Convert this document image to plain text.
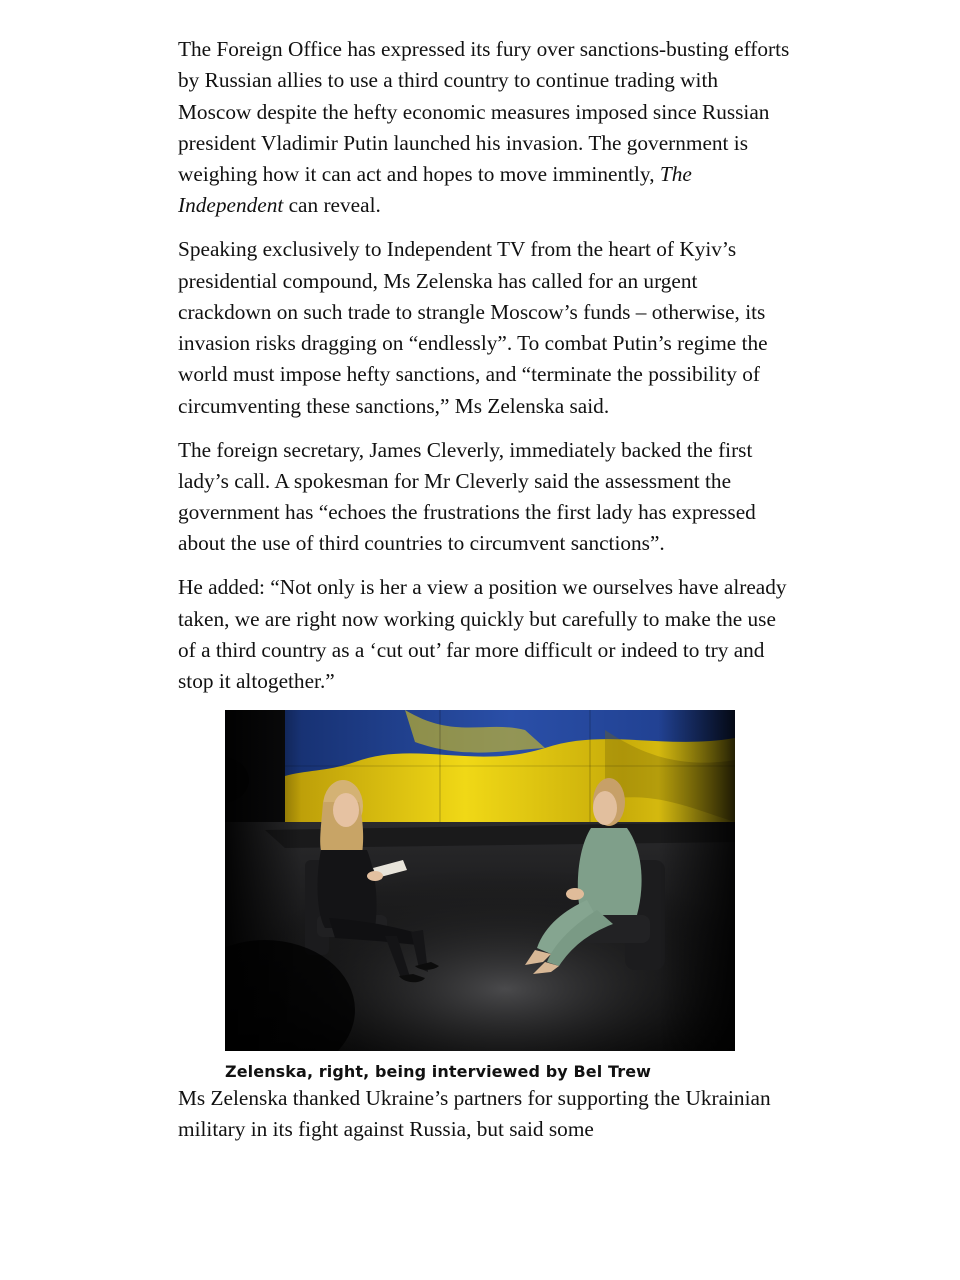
The Foreign Office has expressed its fury over sanctions-busting efforts by Russian allies to use a third country to continue trading with Moscow despite the hefty economic measures imposed since Russian president Vladimir Putin launched his invasion. The government is weighing how it can act and hopes to move imminently, The Independent can reveal.

Speaking exclusively to Independent TV from the heart of Kyiv’s presidential compound, Ms Zelenska has called for an urgent crackdown on such trade to strangle Moscow’s funds – otherwise, its invasion risks dragging on “endlessly”. To combat Putin’s regime the world must impose hefty sanctions, and “terminate the possibility of circumventing these sanctions,” Ms Zelenska said.

The foreign secretary, James Cleverly, immediately backed the first lady’s call. A spokesman for Mr Cleverly said the assessment the government has “echoes the frustrations the first lady has expressed about the use of third countries to circumvent sanctions”.

He added: “Not only is her a view a position we ourselves have already taken, we are right now working quickly but carefully to make the use of a third country as a ‘cut out’ far more difficult or indeed to try and stop it altogether.”

Zelenska, right, being interviewed by Bel Trew

Ms Zelenska thanked Ukraine’s partners for supporting the Ukrainian military in its fight against Russia, but said some
